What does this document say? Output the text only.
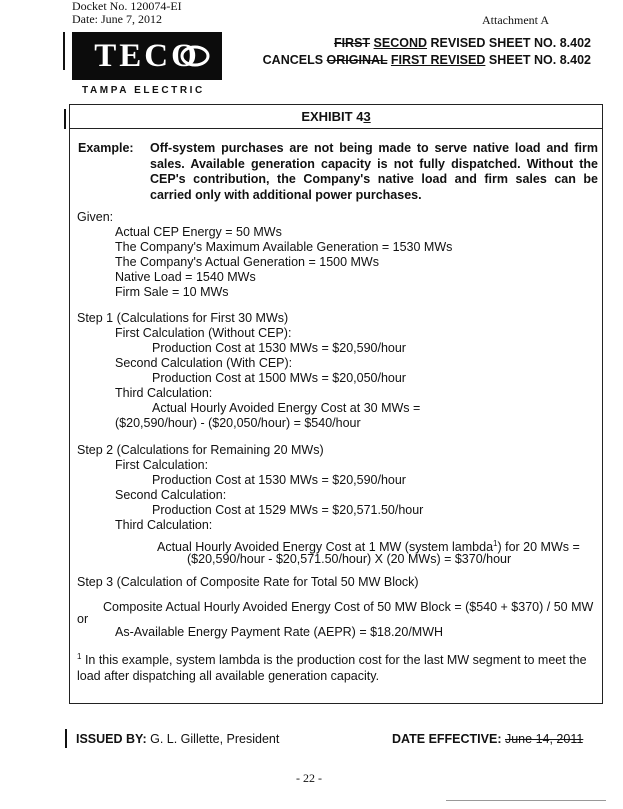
Docket No. 120074-EI
Date: June 7, 2012	Attachment A
TECO
TAMPA ELECTRIC
FIRST SECOND REVISED SHEET NO. 8.402
CANCELS ORIGINAL FIRST REVISED SHEET NO. 8.402
EXHIBIT 43
Example: Off-system purchases are not being made to serve native load and firm sales. Available generation capacity is not fully dispatched. Without the CEP's contribution, the Company's native load and firm sales can be carried only with additional power purchases.
Given:
Actual CEP Energy = 50 MWs
The Company's Maximum Available Generation = 1530 MWs
The Company's Actual Generation = 1500 MWs
Native Load = 1540 MWs
Firm Sale = 10 MWs
Step 1 (Calculations for First 30 MWs)
First Calculation (Without CEP):
Production Cost at 1530 MWs = $20,590/hour
Second Calculation (With CEP):
Production Cost at 1500 MWs = $20,050/hour
Third Calculation:
Actual Hourly Avoided Energy Cost at 30 MWs =
($20,590/hour) - ($20,050/hour) = $540/hour
Step 2 (Calculations for Remaining 20 MWs)
First Calculation:
Production Cost at 1530 MWs = $20,590/hour
Second Calculation:
Production Cost at 1529 MWs = $20,571.50/hour
Third Calculation:
Actual Hourly Avoided Energy Cost at 1 MW (system lambda$^1$) for 20 MWs =
($20,590/hour - $20,571.50/hour) X (20 MWs) = $370/hour
Step 3 (Calculation of Composite Rate for Total 50 MW Block)
Composite Actual Hourly Avoided Energy Cost of 50 MW Block = ($540 + $370) / 50 MW
or
As-Available Energy Payment Rate (AEPR) = $18.20/MWH
$^1$ In this example, system lambda is the production cost for the last MW segment to meet the load after dispatching all available generation capacity.
ISSUED BY: G. L. Gillette, President	DATE EFFECTIVE: June 14, 2011
- 22 -
